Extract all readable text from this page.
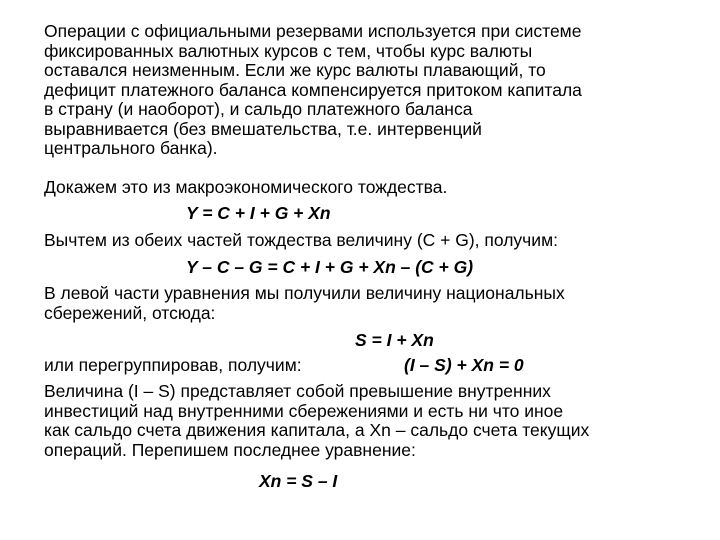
Операции с официальными резервами используется при системе
фиксированных валютных курсов с тем, чтобы курс валюты
оставался неизменным. Если же курс валюты плавающий, то
дефицит платежного баланса компенсируется притоком капитала
в страну (и наоборот), и сальдо платежного баланса
выравнивается (без вмешательства, т.е. интервенций
центрального банка).

Докажем это из макроэкономического тождества.

Y = C + I + G + Xn

Вычтем из обеих частей тождества величину (C + G), получим:

Y – C – G = C + I + G + Xn – (C + G)

В левой части уравнения мы получили величину национальных
сбережений, отсюда:

S = I + Xn
или перегруппировав, получим:	(I – S) + Xn = 0

Величина (I – S) представляет собой превышение внутренних
инвестиций над внутренними сбережениями и есть ни что иное
как сальдо счета движения капитала, а Xn – сальдо счета текущих
операций. Перепишем последнее уравнение:

Xn = S – I
